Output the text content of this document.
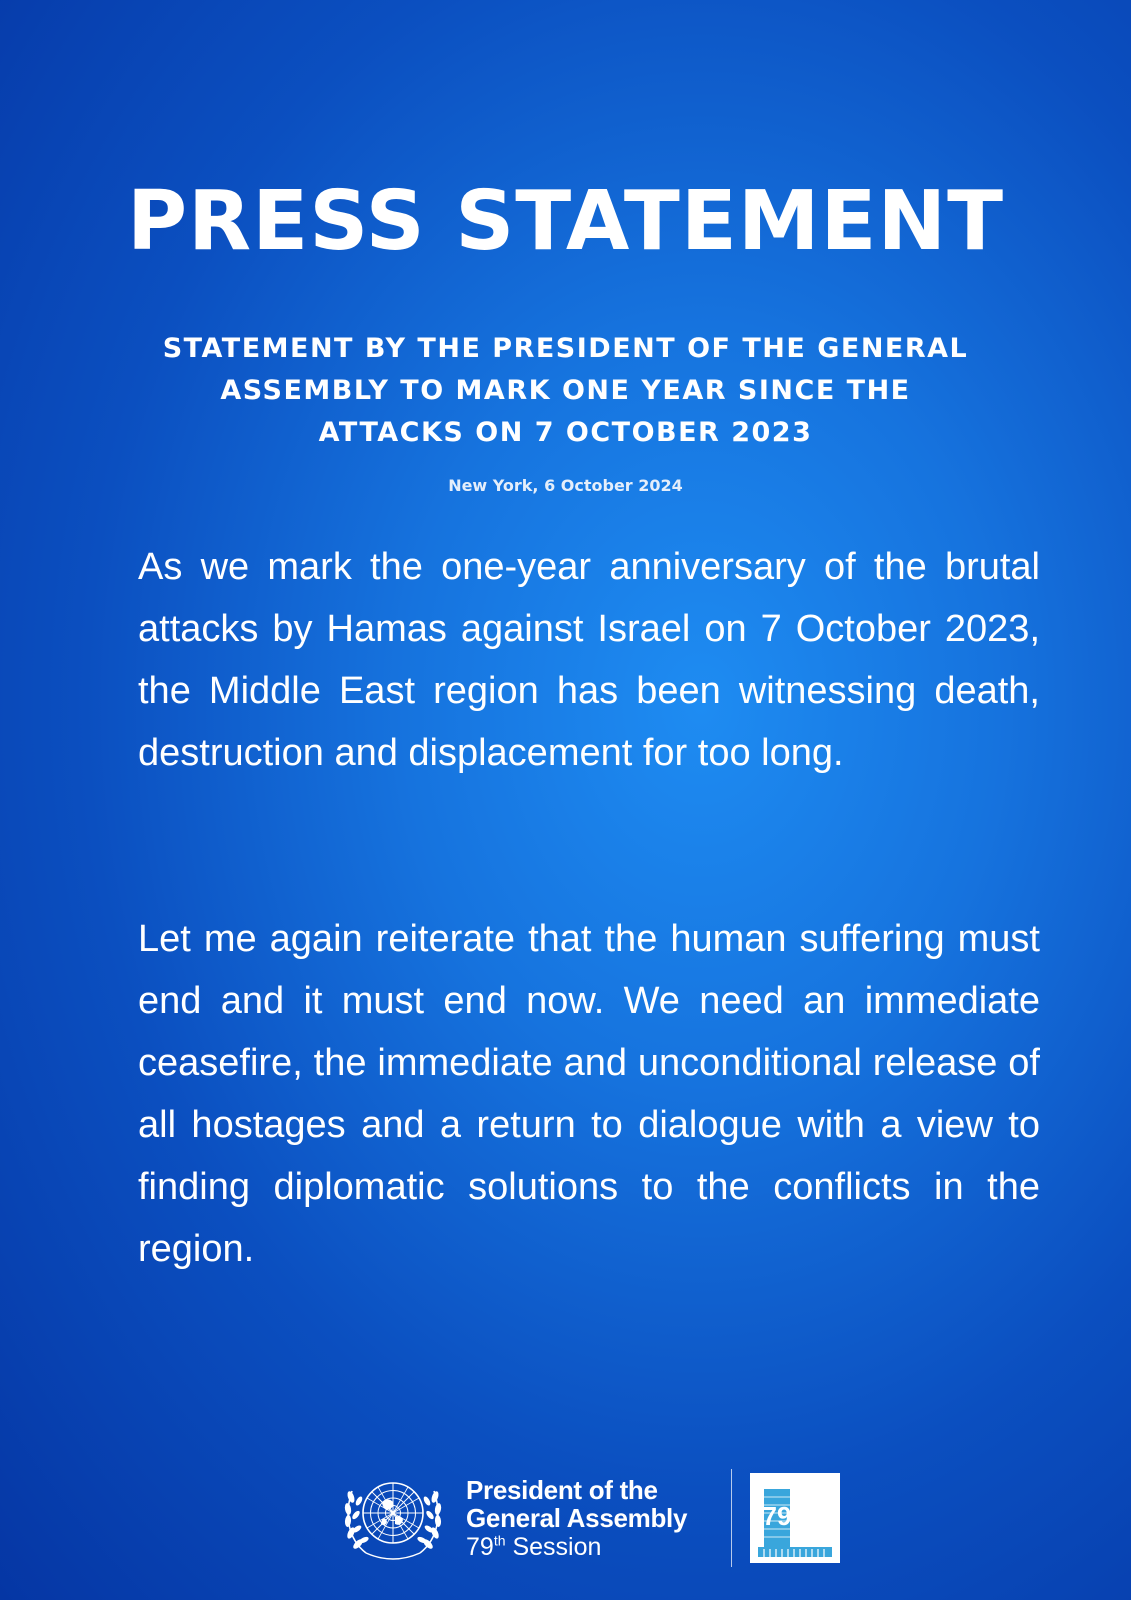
PRESS STATEMENT
STATEMENT BY THE PRESIDENT OF THE GENERAL
ASSEMBLY TO MARK ONE YEAR SINCE THE
ATTACKS ON 7 OCTOBER 2023
New York, 6 October 2024

As we mark the one-year anniversary of the brutal attacks by Hamas against Israel on 7 October 2023, the Middle East region has been witnessing death, destruction and displacement for too long.

Let me again reiterate that the human suffering must end and it must end now. We need an immediate ceasefire, the immediate and unconditional release of all hostages and a return to dialogue with a view to finding diplomatic solutions to the conflicts in the region.

President of the
General Assembly
79th Session
79
